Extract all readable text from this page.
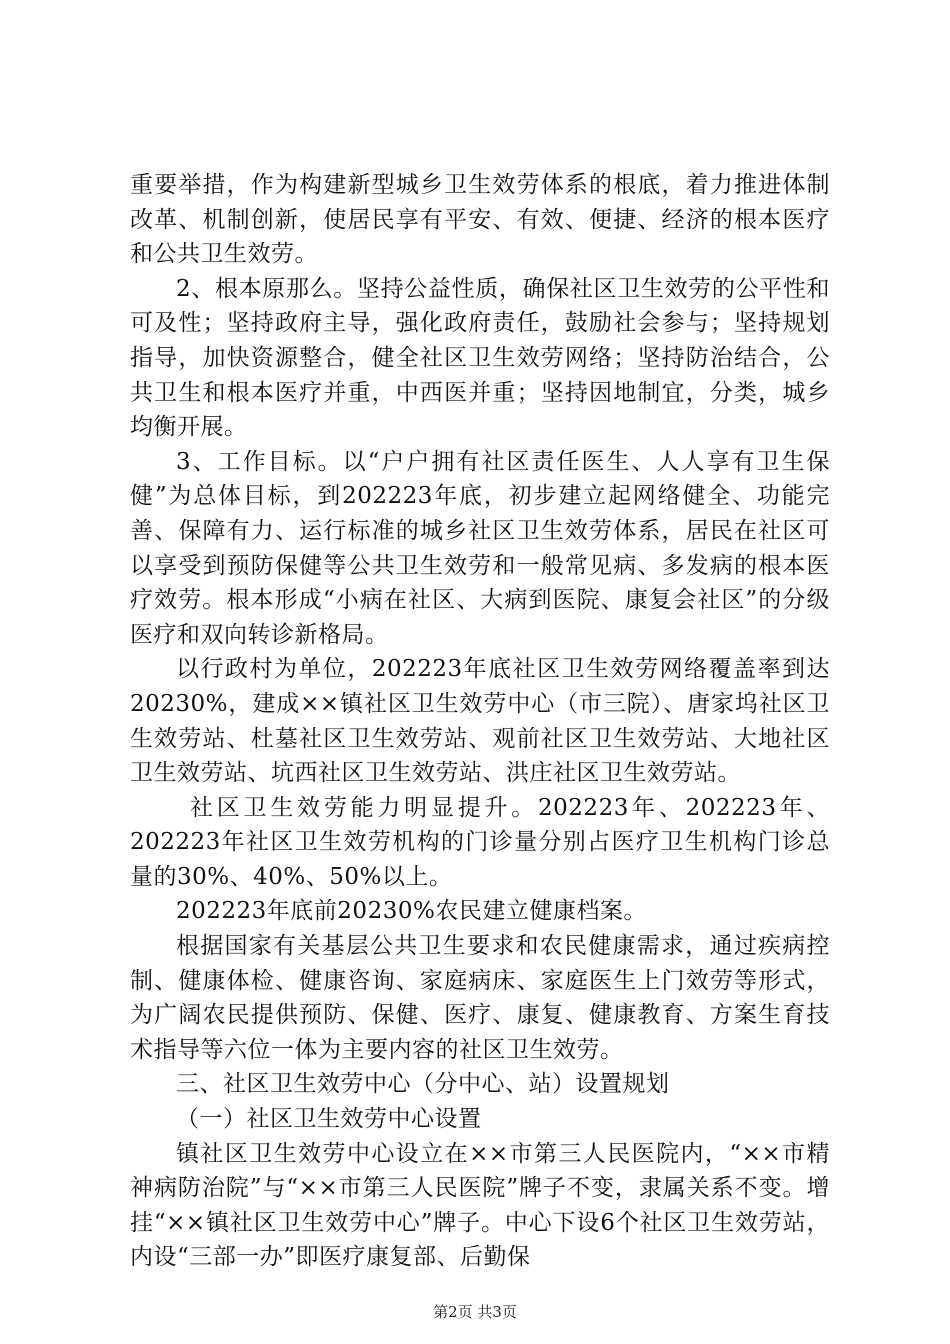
重要举措，作为构建新型城乡卫生效劳体系的根底，着力推进体制改革、机制创新，使居民享有平安、有效、便捷、经济的根本医疗和公共卫生效劳。

2、根本原那么。坚持公益性质，确保社区卫生效劳的公平性和可及性；坚持政府主导，强化政府责任，鼓励社会参与；坚持规划指导，加快资源整合，健全社区卫生效劳网络；坚持防治结合，公共卫生和根本医疗并重，中西医并重；坚持因地制宜，分类，城乡均衡开展。

3、工作目标。以“户户拥有社区责任医生、人人享有卫生保健”为总体目标，到202223年底，初步建立起网络健全、功能完善、保障有力、运行标准的城乡社区卫生效劳体系，居民在社区可以享受到预防保健等公共卫生效劳和一般常见病、多发病的根本医疗效劳。根本形成“小病在社区、大病到医院、康复会社区”的分级医疗和双向转诊新格局。

以行政村为单位，202223年底社区卫生效劳网络覆盖率到达20230%，建成××镇社区卫生效劳中心（市三院）、唐家坞社区卫生效劳站、杜墓社区卫生效劳站、观前社区卫生效劳站、大地社区卫生效劳站、坑西社区卫生效劳站、洪庄社区卫生效劳站。

社区卫生效劳能力明显提升。202223年、202223年、202223年社区卫生效劳机构的门诊量分别占医疗卫生机构门诊总量的30%、40%、50%以上。

202223年底前20230%农民建立健康档案。

根据国家有关基层公共卫生要求和农民健康需求，通过疾病控制、健康体检、健康咨询、家庭病床、家庭医生上门效劳等形式，为广阔农民提供预防、保健、医疗、康复、健康教育、方案生育技术指导等六位一体为主要内容的社区卫生效劳。

三、社区卫生效劳中心（分中心、站）设置规划

（一）社区卫生效劳中心设置

镇社区卫生效劳中心设立在××市第三人民医院内，“××市精神病防治院”与“××市第三人民医院”牌子不变，隶属关系不变。增挂“××镇社区卫生效劳中心”牌子。中心下设6个社区卫生效劳站，内设“三部一办”即医疗康复部、后勤保

第2页 共3页
